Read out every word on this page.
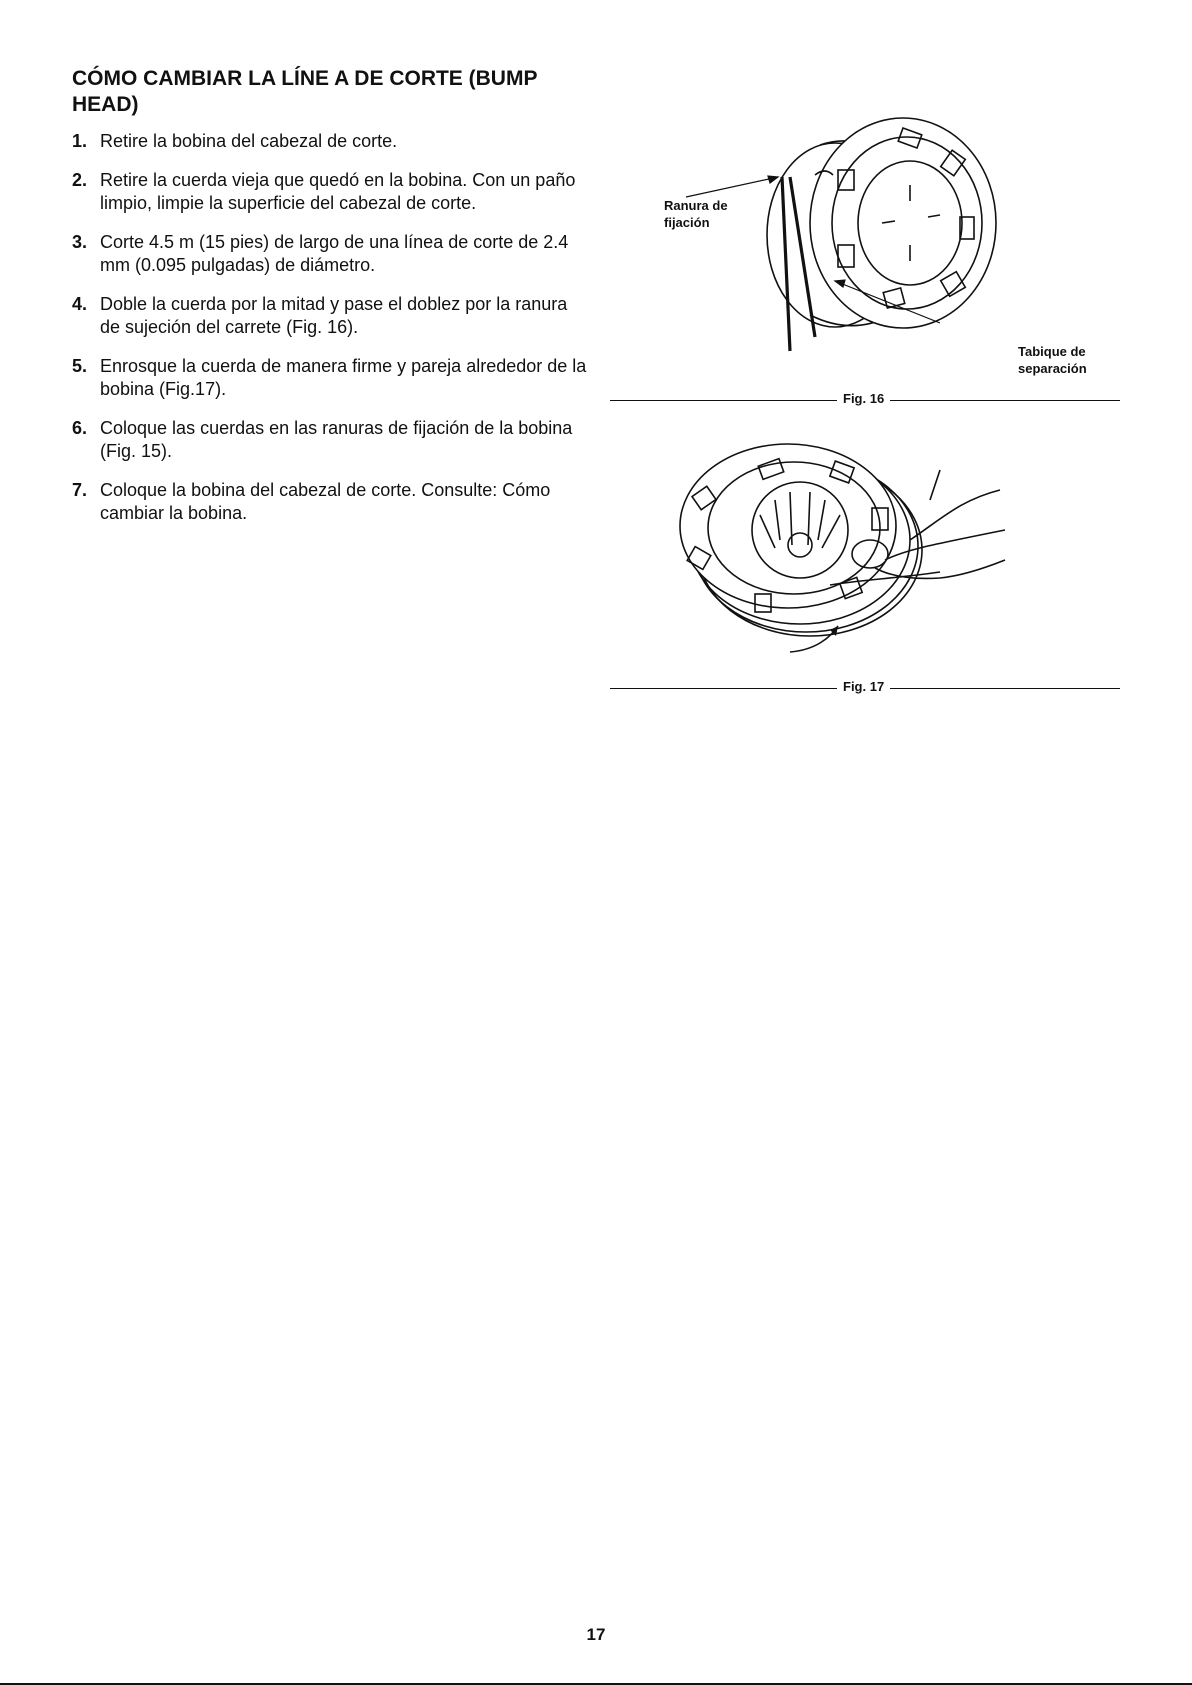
CÓMO CAMBIAR LA LÍNE A DE CORTE (BUMP HEAD)
1. Retire la bobina del cabezal de corte.
2. Retire la cuerda vieja que quedó en la bobina. Con un paño limpio, limpie la superficie del cabezal de corte.
3. Corte 4.5 m (15 pies) de largo de una línea de corte de 2.4 mm (0.095 pulgadas) de diámetro.
4. Doble la cuerda por la mitad y pase el doblez por la ranura de sujeción del carrete (Fig. 16).
5. Enrosque la cuerda de manera firme y pareja alrededor de la bobina (Fig.17).
6. Coloque las cuerdas en las ranuras de fijación de la bobina (Fig. 15).
7. Coloque la bobina del cabezal de corte. Consulte: Cómo cambiar la bobina.
Ranura de
fijación
Tabique de
separación
Fig. 16
Fig. 17
17
